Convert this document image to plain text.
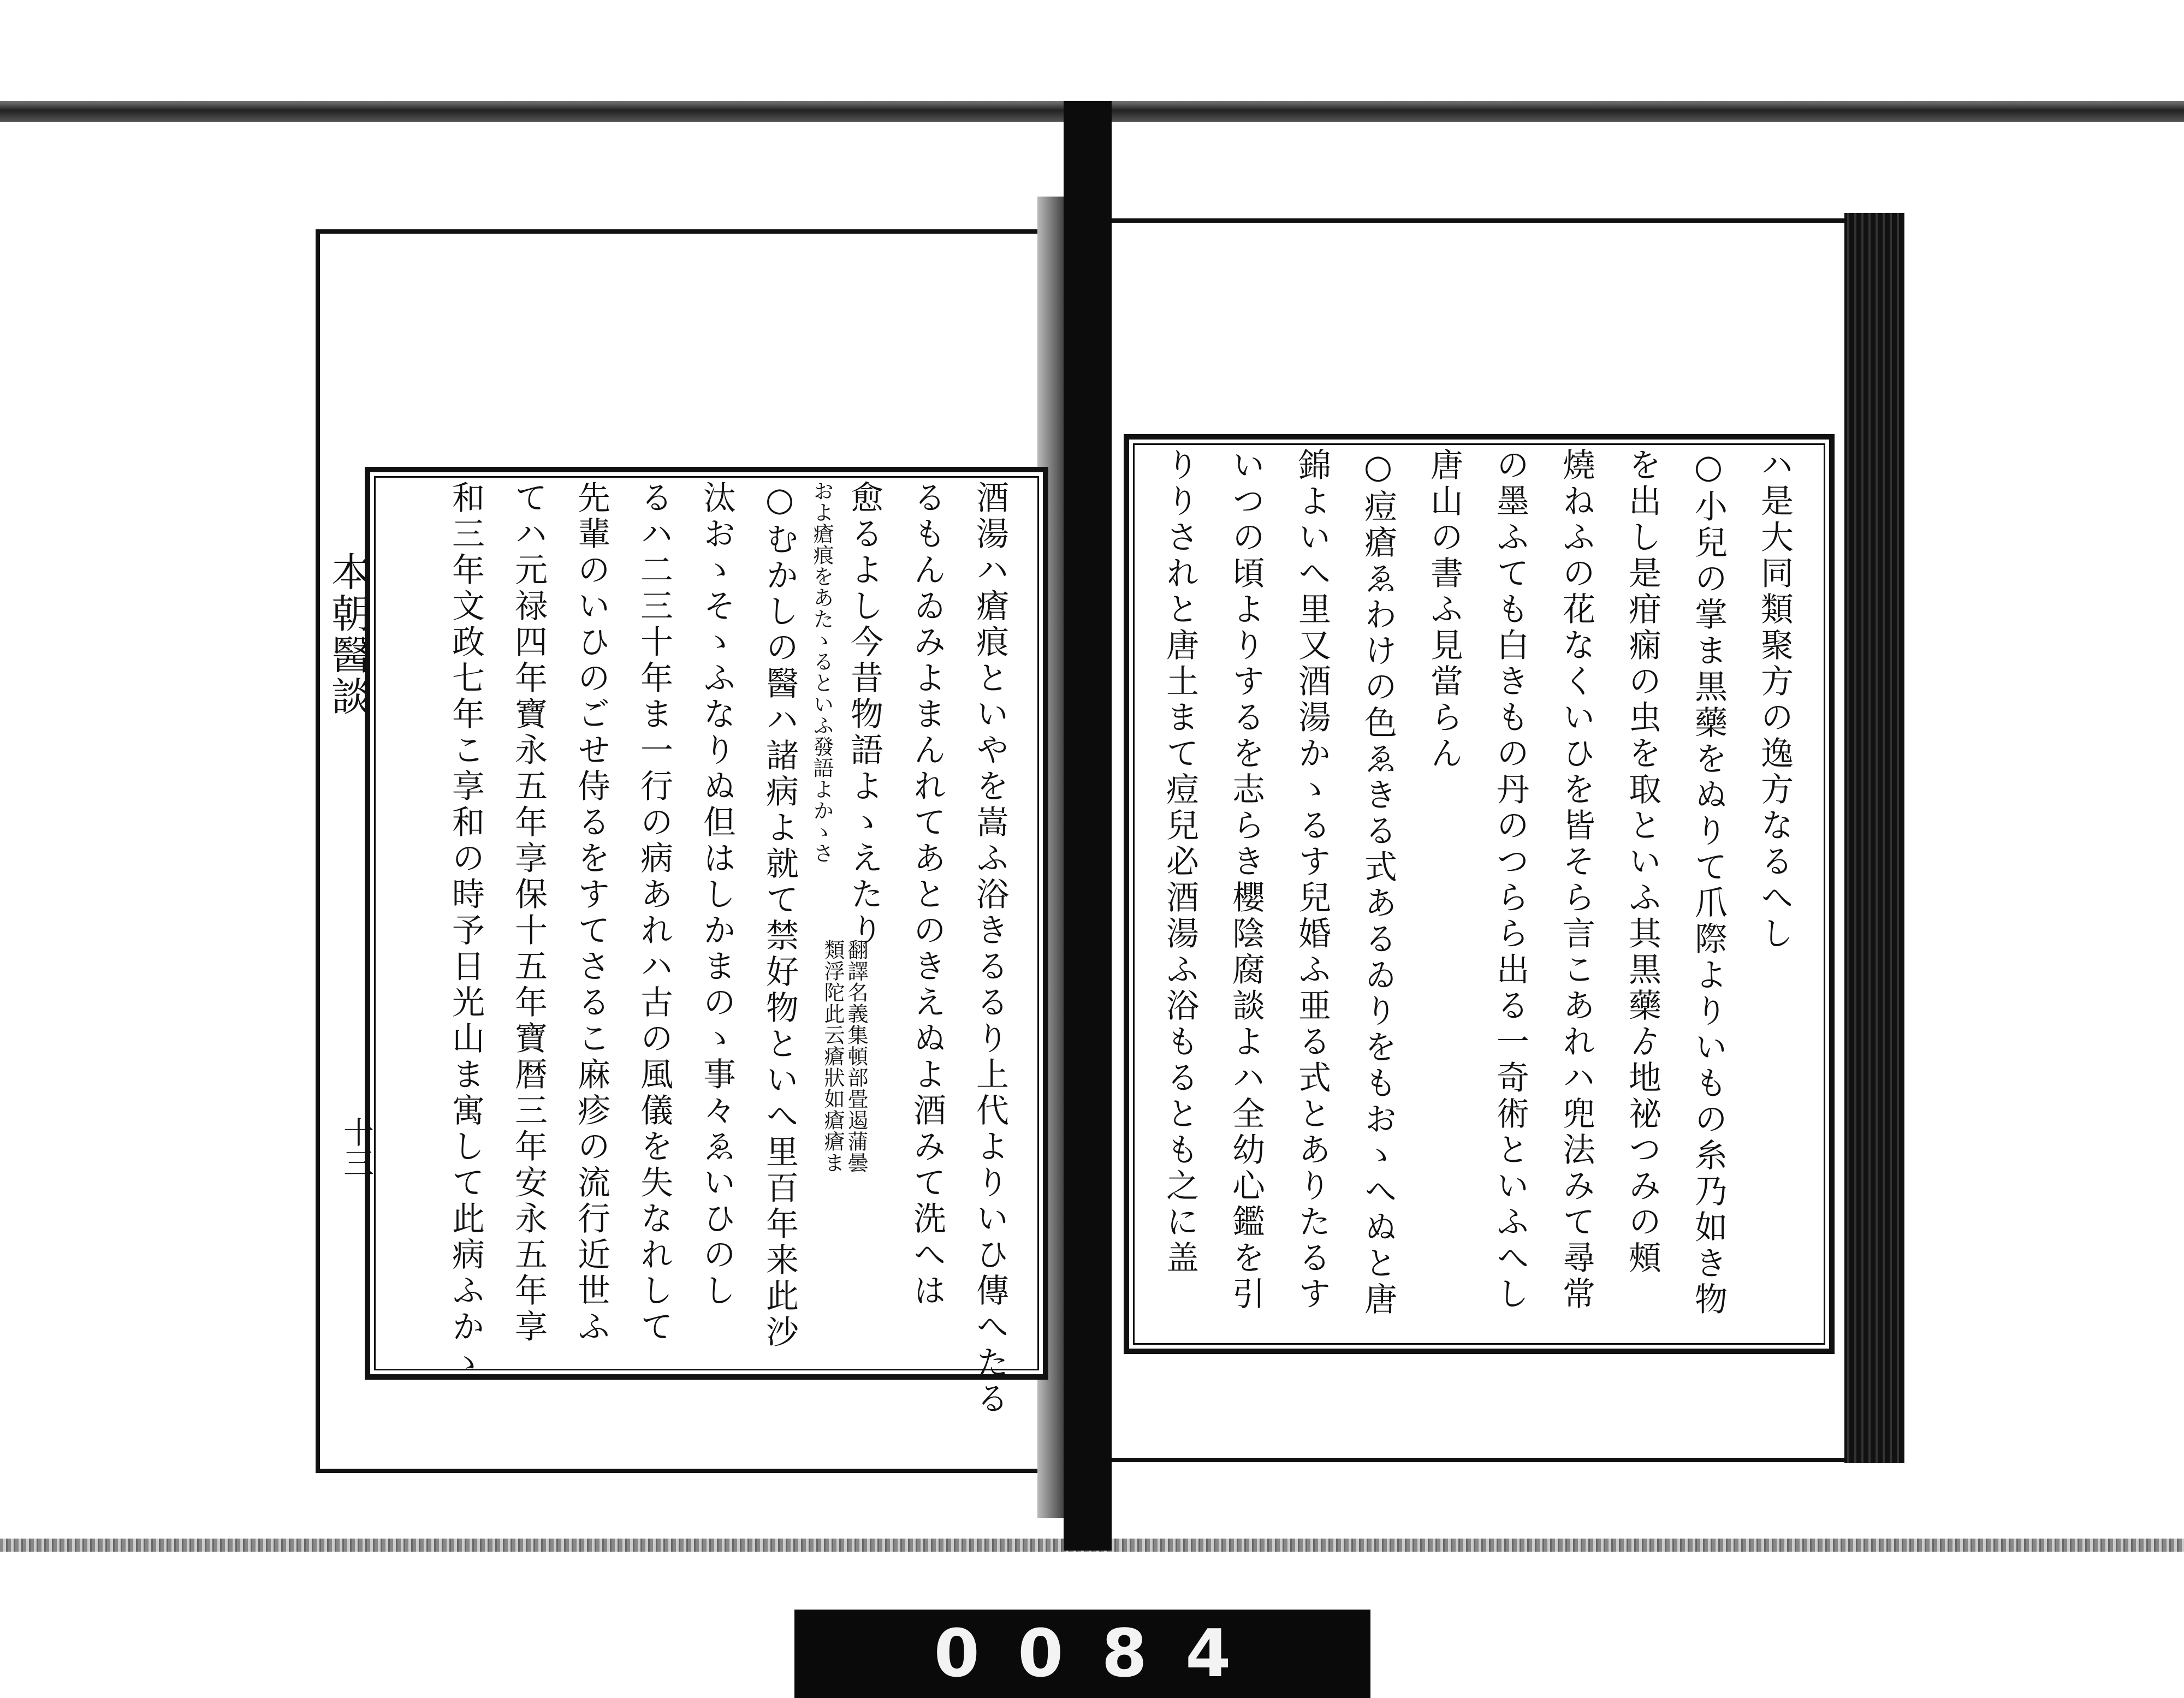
本朝醫談
十三	酒湯ハ瘡痕といやを嵩ふ浴きるるり上代よりいひ傳へたる
るもんゐみよまんれてあとのきえぬよ酒みて洗へは
愈るよし今昔物語よゝえたり
およ瘡痕をあたゝるといふ發語よかゝさ
○むかしの醫ハ諸病よ就て禁好物といへ里百年来此沙
汰おゝそゝふなりぬ但はしかまのゝ事々ゑいひのし
るハ二三十年ま一行の病あれハ古の風儀を失なれして
先輩のいひのごせ侍るをすてさるこ麻疹の流行近世ふ
てハ元禄四年寶永五年享保十五年寶暦三年安永五年享
和三年文政七年こ享和の時予日光山ま寓して此病ふかゝ	翻譯名義集頓部畳遏蒲曇
類浮陀此云瘡狀如瘡瘡ま
ハ是大同類聚方の逸方なるへし
○小兒の掌ま黒藥をぬりて爪際よりいもの糸乃如き物
を出し是疳痫の虫を取といふ其黒藥ゟ地祕つみの頰
燒ねふの花なくいひを皆そら言こあれハ兜法みて尋常
の墨ふても白きもの丹のつらら出る一奇術といふへし
唐山の書ふ見當らん
○痘瘡ゑわけの色ゑきる式あるゐりをもおゝへぬと唐
錦よいへ里又酒湯かゝるす兒婚ふ亜る式とありたるす
いつの頃よりするを志らき櫻陰腐談よハ全幼心鑑を引
りりされと唐土まて痘兒必酒湯ふ浴もるとも之に盖
0084
